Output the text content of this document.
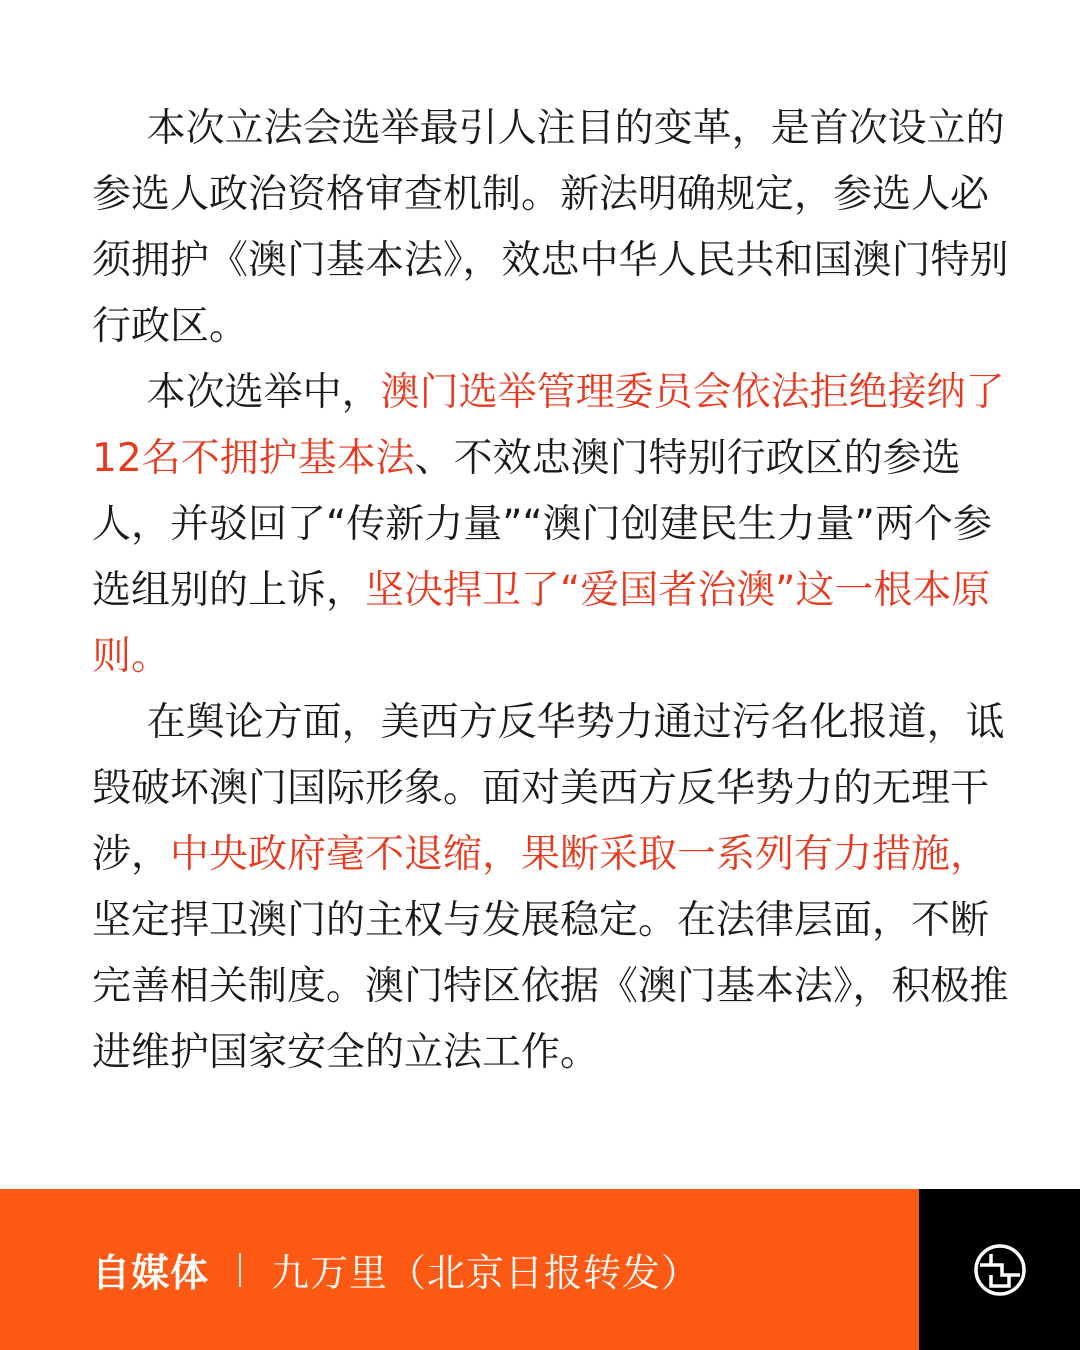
本次立法会选举最引人注目的变革，是首次设立的参选人政治资格审查机制。新法明确规定，参选人必须拥护《澳门基本法》，效忠中华人民共和国澳门特别行政区。

本次选举中，澳门选举管理委员会依法拒绝接纳了12名不拥护基本法、不效忠澳门特别行政区的参选人，并驳回了“传新力量”“澳门创建民生力量”两个参选组别的上诉，坚决捍卫了“爱国者治澳”这一根本原则。

在舆论方面，美西方反华势力通过污名化报道，诋毁破坏澳门国际形象。面对美西方反华势力的无理干涉，中央政府毫不退缩，果断采取一系列有力措施，坚定捍卫澳门的主权与发展稳定。在法律层面，不断完善相关制度。澳门特区依据《澳门基本法》，积极推进维护国家安全的立法工作。

自媒体 九万里（北京日报转发）
